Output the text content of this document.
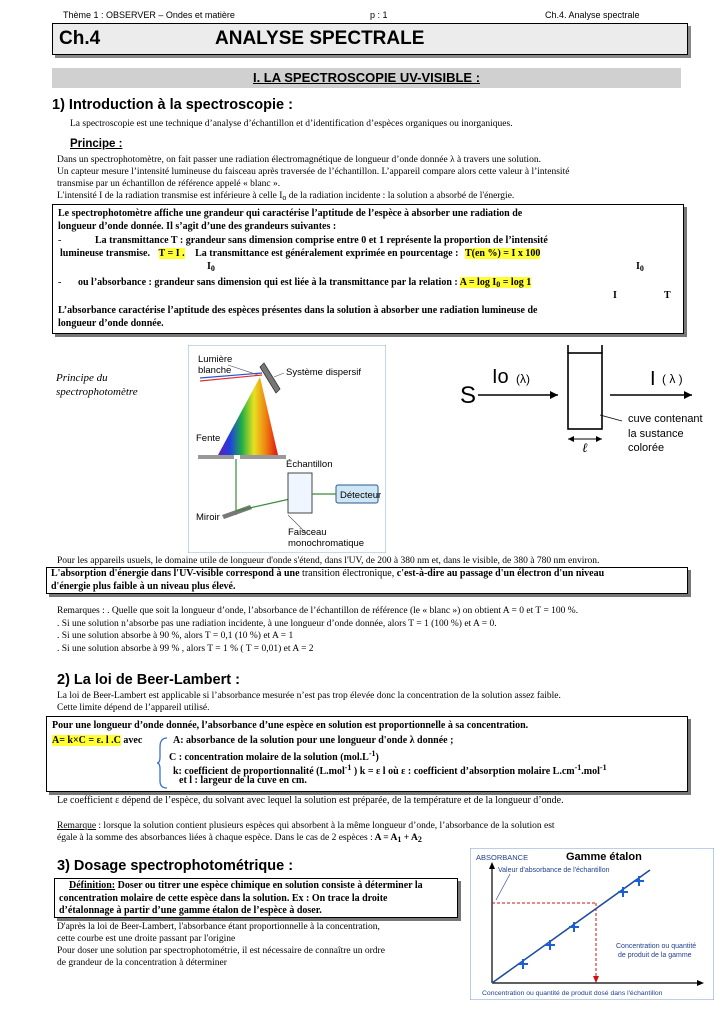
Thème 1 : OBSERVER – Ondes et matière	p : 1	Ch.4. Analyse spectrale
Ch.4	ANALYSE SPECTRALE
I. LA SPECTROSCOPIE UV-VISIBLE :
1) Introduction à la spectroscopie :
La spectroscopie est une technique d’analyse d’échantillon et d’identification d’espèces organiques ou inorganiques.
Principe :
Dans un spectrophotomètre, on fait passer une radiation électromagnétique de longueur d’onde donnée λ à travers une solution.
Un capteur mesure l’intensité lumineuse du faisceau après traversée de l’échantillon. L’appareil compare alors cette valeur à l’intensité
transmise par un échantillon de référence appelé « blanc ».
L'intensité I de la radiation transmise est inférieure à celle $I_o$ de la radiation incidente : la solution a absorbé de l'énergie.
Le spectrophotomètre affiche une grandeur qui caractérise l’aptitude de l’espèce à absorber une radiation de
longueur d’onde donnée. Il s’agit d’une des grandeurs suivantes :
-	La transmittance T : grandeur sans dimension comprise entre 0 et 1 représente la proportion de l’intensité
lumineuse transmise. T = I . La transmittance est généralement exprimée en pourcentage : T(en %) = I x 100
$I_0$	$I_0$
- ou l’absorbance : grandeur sans dimension qui est liée à la transmittance par la relation : $A = \log I_0 = \log 1$
I	T
L’absorbance caractérise l’aptitude des espèces présentes dans la solution à absorber une radiation lumineuse de
longueur d’onde donnée.
Principe du
spectrophotomètre
Lumière
blanche	Système dispersif
Fente
Échantillon
Détecteur
Miroir
Faisceau
monochromatique
S
Io (λ)	I ( λ )
ℓ
cuve contenant
la sustance
colorée
Pour les appareils usuels, le domaine utile de longueur d'onde s'étend, dans l'UV, de 200 à 380 nm et, dans le visible, de 380 à 780 nm environ.
L'absorption d'énergie dans l'UV-visible correspond à une transition électronique, c'est-à-dire au passage d'un électron d'un niveau
d'énergie plus faible à un niveau plus élevé.
Remarques : . Quelle que soit la longueur d’onde, l’absorbance de l’échantillon de référence (le « blanc ») on obtient A = 0 et T = 100 %.
. Si une solution n’absorbe pas une radiation incidente, à une longueur d’onde donnée, alors T = 1 (100 %) et A = 0.
. Si une solution absorbe à 90 %, alors T = 0,1 (10 %) et A = 1
. Si une solution absorbe à 99 % , alors T = 1 % ( T = 0,01) et A = 2
2) La loi de Beer-Lambert :
La loi de Beer-Lambert est applicable si l’absorbance mesurée n’est pas trop élevée donc la concentration de la solution assez faible.
Cette limite dépend de l’appareil utilisé.
Pour une longueur d’onde donnée, l’absorbance d’une espèce en solution est proportionnelle à sa concentration.
A= k×C = ε. l .C avec	A: absorbance de la solution pour une longueur d'onde λ donnée ;
C : concentration molaire de la solution $(mol.L^{-1})$
k: coefficient de proportionnalité (L.mol$^{-1}$ ) k = ε l où ε : coefficient d’absorption molaire $L.cm^{-1}.mol^{-1}$
et l : largeur de la cuve en cm.
Le coefficient ε dépend de l’espèce, du solvant avec lequel la solution est préparée, de la température et de la longueur d’onde.
Remarque : lorsque la solution contient plusieurs espèces qui absorbent à la même longueur d’onde, l’absorbance de la solution est
égale à la somme des absorbances liées à chaque espèce. Dans le cas de 2 espèces : $A = A_1 + A_2$
3) Dosage spectrophotométrique :
Définition: Doser ou titrer une espèce chimique en solution consiste à déterminer la
concentration molaire de cette espèce dans la solution. Ex : On trace la droite
d’étalonnage à partir d’une gamme étalon de l’espèce à doser.
D'après la loi de Beer-Lambert, l'absorbance étant proportionnelle à la concentration,
cette courbe est une droite passant par l'origine
Pour doser une solution par spectrophotométrie, il est nécessaire de connaître un ordre
de grandeur de la concentration à déterminer
ABSORBANCE	Gamme étalon
Valeur d'absorbance de l'échantillon
Concentration ou quantité
de produit de la gamme
Concentration ou quantité de produit dosé dans l'échantillon
